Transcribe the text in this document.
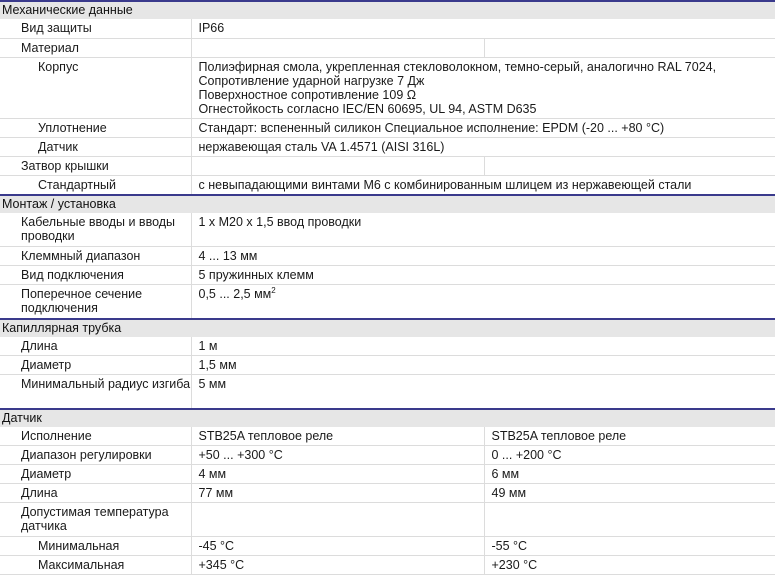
Механические данные		
Вид защиты	IP66	
Материал		
Корпус	Полиэфирная смола, укрепленная стекловолокном, темно-серый, аналогично RAL 7024,
Сопротивление ударной нагрузке 7 Дж
Поверхностное сопротивление 109 Ω
Огнестойкость согласно IEC/EN 60695, UL 94, ASTM D635	

Уплотнение	Стандарт: вспененный силикон Специальное исполнение: EPDM (-20 ... +80 °C)	
Датчик	нержавеющая сталь VA 1.4571 (AISI 316L)	
Затвор крышки		
Стандартный	с невыпадающими винтами M6 с комбинированным шлицем из нержавеющей стали	
Монтаж / установка		
Кабельные вводы и вводы проводки	1 x M20 x 1,5 ввод проводки	
Клеммный диапазон	4 ... 13 мм	
Вид подключения	5 пружинных клемм	
Поперечное сечение подключения	0,5 ... 2,5 $мм^2$
Капиллярная трубка		
Длина	1 м	
Диаметр	1,5 мм	
Минимальный радиус изгиба	5 мм	
Датчик		
Исполнение	STB25A тепловое реле	STB25A тепловое реле
Диапазон регулировки	+50 ... +300 °C	0 ... +200 °C
Диаметр	4 мм	6 мм
Длина	77 мм	49 мм
Допустимая температура датчика		
Минимальная	-45 °C	-55 °C
Максимальная	+345 °C	+230 °C
